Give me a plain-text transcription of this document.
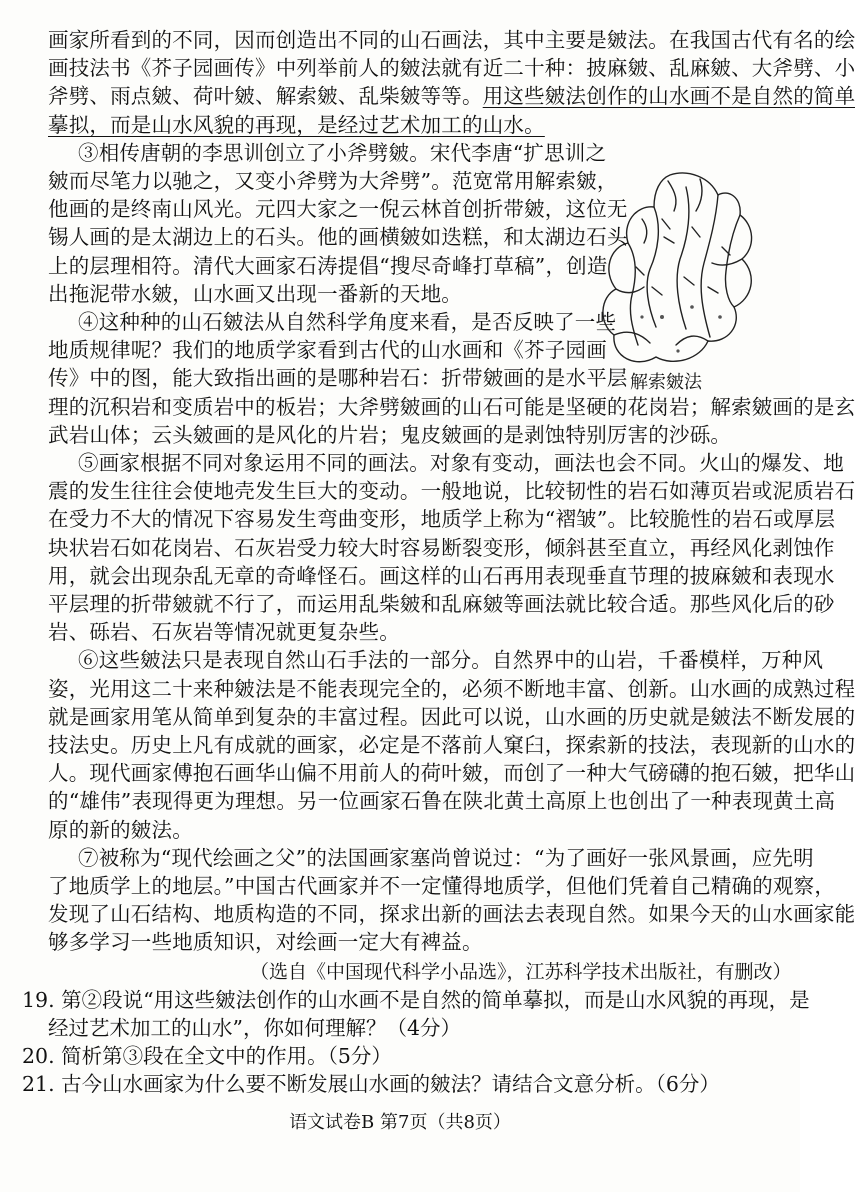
画家所看到的不同，因而创造出不同的山石画法，其中主要是皴法。在我国古代有名的绘
画技法书《芥子园画传》中列举前人的皴法就有近二十种：披麻皴、乱麻皴、大斧劈、小
斧劈、雨点皴、荷叶皴、解索皴、乱柴皴等等。用这些皴法创作的山水画不是自然的简单
摹拟，而是山水风貌的再现，是经过艺术加工的山水。
③相传唐朝的李思训创立了小斧劈皴。宋代李唐“扩思训之
皴而尽笔力以驰之，又变小斧劈为大斧劈”。范宽常用解索皴，
他画的是终南山风光。元四大家之一倪云林首创折带皴，这位无
锡人画的是太湖边上的石头。他的画横皴如迭糕，和太湖边石头
上的层理相符。清代大画家石涛提倡“搜尽奇峰打草稿”，创造
出拖泥带水皴，山水画又出现一番新的天地。
④这种种的山石皴法从自然科学角度来看，是否反映了一些
地质规律呢？我们的地质学家看到古代的山水画和《芥子园画
传》中的图，能大致指出画的是哪种岩石：折带皴画的是水平层
理的沉积岩和变质岩中的板岩；大斧劈皴画的山石可能是坚硬的花岗岩；解索皴画的是玄
武岩山体；云头皴画的是风化的片岩；鬼皮皴画的是剥蚀特别厉害的沙砾。
解索皴法
⑤画家根据不同对象运用不同的画法。对象有变动，画法也会不同。火山的爆发、地
震的发生往往会使地壳发生巨大的变动。一般地说，比较韧性的岩石如薄页岩或泥质岩石
在受力不大的情况下容易发生弯曲变形，地质学上称为“褶皱”。比较脆性的岩石或厚层
块状岩石如花岗岩、石灰岩受力较大时容易断裂变形，倾斜甚至直立，再经风化剥蚀作
用，就会出现杂乱无章的奇峰怪石。画这样的山石再用表现垂直节理的披麻皴和表现水
平层理的折带皴就不行了，而运用乱柴皴和乱麻皴等画法就比较合适。那些风化后的砂
岩、砾岩、石灰岩等情况就更复杂些。
⑥这些皴法只是表现自然山石手法的一部分。自然界中的山岩，千番模样，万种风
姿，光用这二十来种皴法是不能表现完全的，必须不断地丰富、创新。山水画的成熟过程
就是画家用笔从简单到复杂的丰富过程。因此可以说，山水画的历史就是皴法不断发展的
技法史。历史上凡有成就的画家，必定是不落前人窠臼，探索新的技法，表现新的山水的
人。现代画家傅抱石画华山偏不用前人的荷叶皴，而创了一种大气磅礴的抱石皴，把华山
的“雄伟”表现得更为理想。另一位画家石鲁在陕北黄土高原上也创出了一种表现黄土高
原的新的皴法。
⑦被称为“现代绘画之父”的法国画家塞尚曾说过：“为了画好一张风景画，应先明
了地质学上的地层。”中国古代画家并不一定懂得地质学，但他们凭着自己精确的观察，
发现了山石结构、地质构造的不同，探求出新的画法去表现自然。如果今天的山水画家能
够多学习一些地质知识，对绘画一定大有裨益。
（选自《中国现代科学小品选》，江苏科学技术出版社，有删改）
19. 第②段说“用这些皴法创作的山水画不是自然的简单摹拟，而是山水风貌的再现，是
经过艺术加工的山水”，你如何理解？（4分）
语文试卷B 第7页（共8页）
20. 简析第③段在全文中的作用。（5分）
21. 古今山水画家为什么要不断发展山水画的皴法？请结合文意分析。（6分）
